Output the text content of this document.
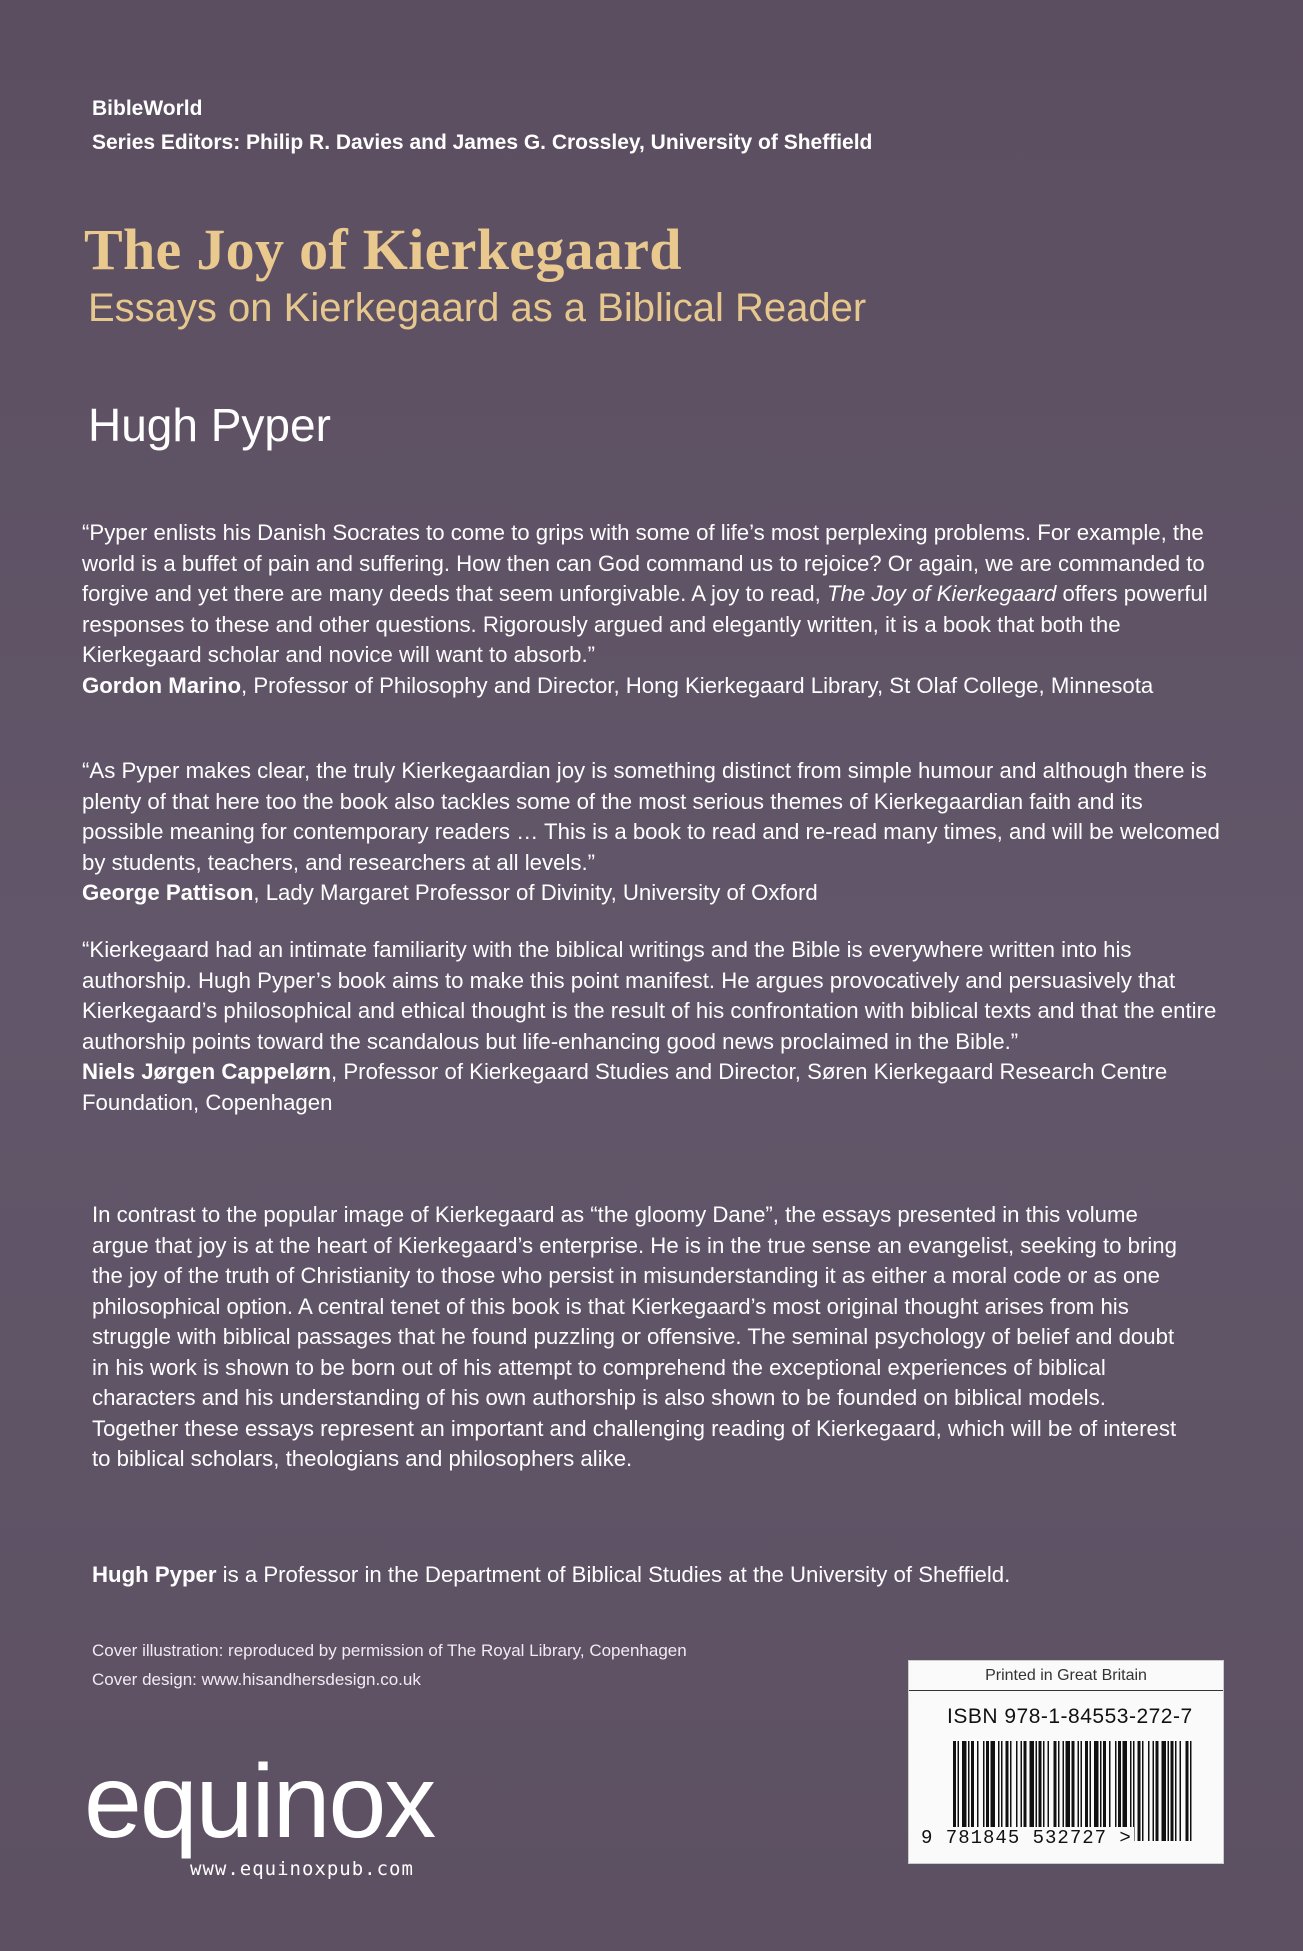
BibleWorld
Series Editors: Philip R. Davies and James G. Crossley, University of Sheffield
The Joy of Kierkegaard
Essays on Kierkegaard as a Biblical Reader
Hugh Pyper

“Pyper enlists his Danish Socrates to come to grips with some of life’s most perplexing problems. For example, the world is a buffet of pain and suffering. How then can God command us to rejoice? Or again, we are commanded to forgive and yet there are many deeds that seem unforgivable. A joy to read, The Joy of Kierkegaard offers powerful responses to these and other questions. Rigorously argued and elegantly written, it is a book that both the Kierkegaard scholar and novice will want to absorb.”

Gordon Marino, Professor of Philosophy and Director, Hong Kierkegaard Library, St Olaf College, Minnesota

“As Pyper makes clear, the truly Kierkegaardian joy is something distinct from simple humour and although there is plenty of that here too the book also tackles some of the most serious themes of Kierkegaardian faith and its possible meaning for contemporary readers … This is a book to read and re-read many times, and will be welcomed by students, teachers, and researchers at all levels.”

George Pattison, Lady Margaret Professor of Divinity, University of Oxford

“Kierkegaard had an intimate familiarity with the biblical writings and the Bible is everywhere written into his authorship. Hugh Pyper’s book aims to make this point manifest. He argues provocatively and persuasively that Kierkegaard’s philosophical and ethical thought is the result of his confrontation with biblical texts and that the entire authorship points toward the scandalous but life-enhancing good news proclaimed in the Bible.”

Niels Jørgen Cappelørn, Professor of Kierkegaard Studies and Director, Søren Kierkegaard Research Centre Foundation, Copenhagen

In contrast to the popular image of Kierkegaard as “the gloomy Dane”, the essays presented in this volume argue that joy is at the heart of Kierkegaard’s enterprise. He is in the true sense an evangelist, seeking to bring the joy of the truth of Christianity to those who persist in misunderstanding it as either a moral code or as one philosophical option. A central tenet of this book is that Kierkegaard’s most original thought arises from his struggle with biblical passages that he found puzzling or offensive. The seminal psychology of belief and doubt in his work is shown to be born out of his attempt to comprehend the exceptional experiences of biblical characters and his understanding of his own authorship is also shown to be founded on biblical models. Together these essays represent an important and challenging reading of Kierkegaard, which will be of interest to biblical scholars, theologians and philosophers alike.

Hugh Pyper is a Professor in the Department of Biblical Studies at the University of Sheffield.

Cover illustration: reproduced by permission of The Royal Library, Copenhagen

Cover design: www.hisandhersdesign.co.uk

equinox
www.equinoxpub.com
Printed in Great Britain
ISBN 978-1-84553-272-7
9 781845 532727 >
